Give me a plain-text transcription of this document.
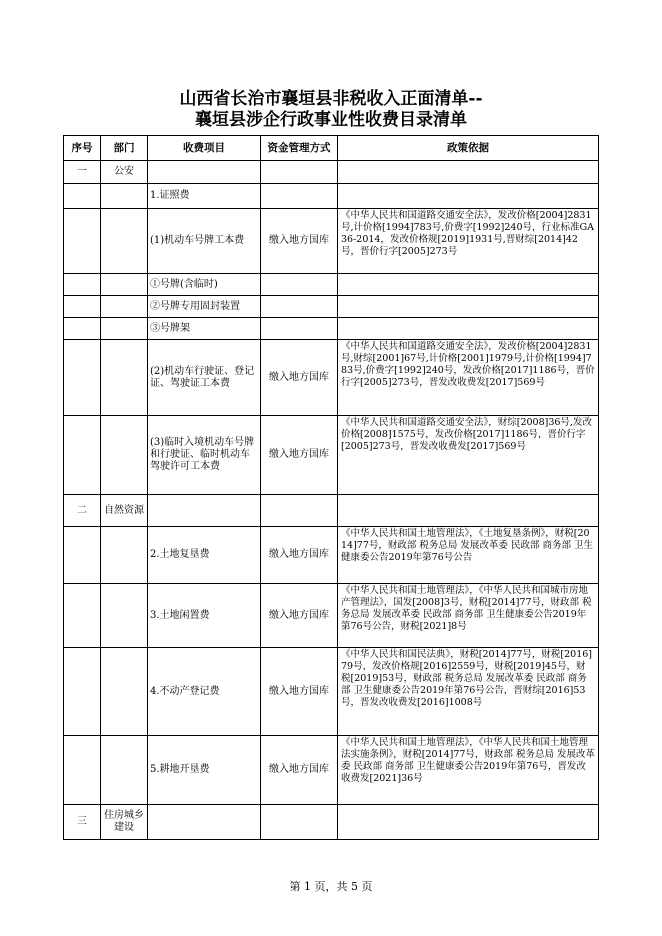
山西省长治市襄垣县非税收入正面清单--
襄垣县涉企行政事业性收费目录清单
序号	部门	收费项目	资金管理方式	政策依据
一	公安			
		1.证照费		
		(1)机动车号牌工本费	缴入地方国库	《中华人民共和国道路交通安全法》，发改价格[2004]2831号,计价格[1994]783号,价费字[1992]240号，行业标准GA36-2014，发改价格规[2019]1931号,晋财综[2014]42号，晋价行字[2005]273号
		①号牌(含临时)		
		②号牌专用固封装置		
		③号牌架		
		(2)机动车行驶证、登记证、驾驶证工本费	缴入地方国库	《中华人民共和国道路交通安全法》，发改价格[2004]2831号,财综[2001]67号,计价格[2001]1979号,计价格[1994]783号,价费字[1992]240号，发改价格[2017]1186号，晋价行字[2005]273号，晋发改收费发[2017]569号
		(3)临时入境机动车号牌和行驶证、临时机动车驾驶许可工本费	缴入地方国库	《中华人民共和国道路交通安全法》，财综[2008]36号,发改价格[2008]1575号，发改价格[2017]1186号，晋价行字[2005]273号，晋发改收费发[2017]569号
二	自然资源			
		2.土地复垦费	缴入地方国库	《中华人民共和国土地管理法》，《土地复垦条例》，财税[2014]77号，财政部 税务总局 发展改革委 民政部 商务部 卫生健康委公告2019年第76号公告
		3.土地闲置费	缴入地方国库	《中华人民共和国土地管理法》，《中华人民共和国城市房地产管理法》，国发[2008]3号，财税[2014]77号，财政部 税务总局 发展改革委 民政部 商务部 卫生健康委公告2019年第76号公告，财税[2021]8号
		4.不动产登记费	缴入地方国库	《中华人民共和国民法典》，财税[2014]77号，财税[2016]79号，发改价格规[2016]2559号，财税[2019]45号，财税[2019]53号，财政部 税务总局 发展改革委 民政部 商务部 卫生健康委公告2019年第76号公告，晋财综[2016]53号，晋发改收费发[2016]1008号
		5.耕地开垦费	缴入地方国库	《中华人民共和国土地管理法》，《中华人民共和国土地管理法实施条例》，财税[2014]77号，财政部 税务总局 发展改革委 民政部 商务部 卫生健康委公告2019年第76号，晋发改收费发[2021]36号
三	住房城乡建设			
第 1 页，共 5 页
